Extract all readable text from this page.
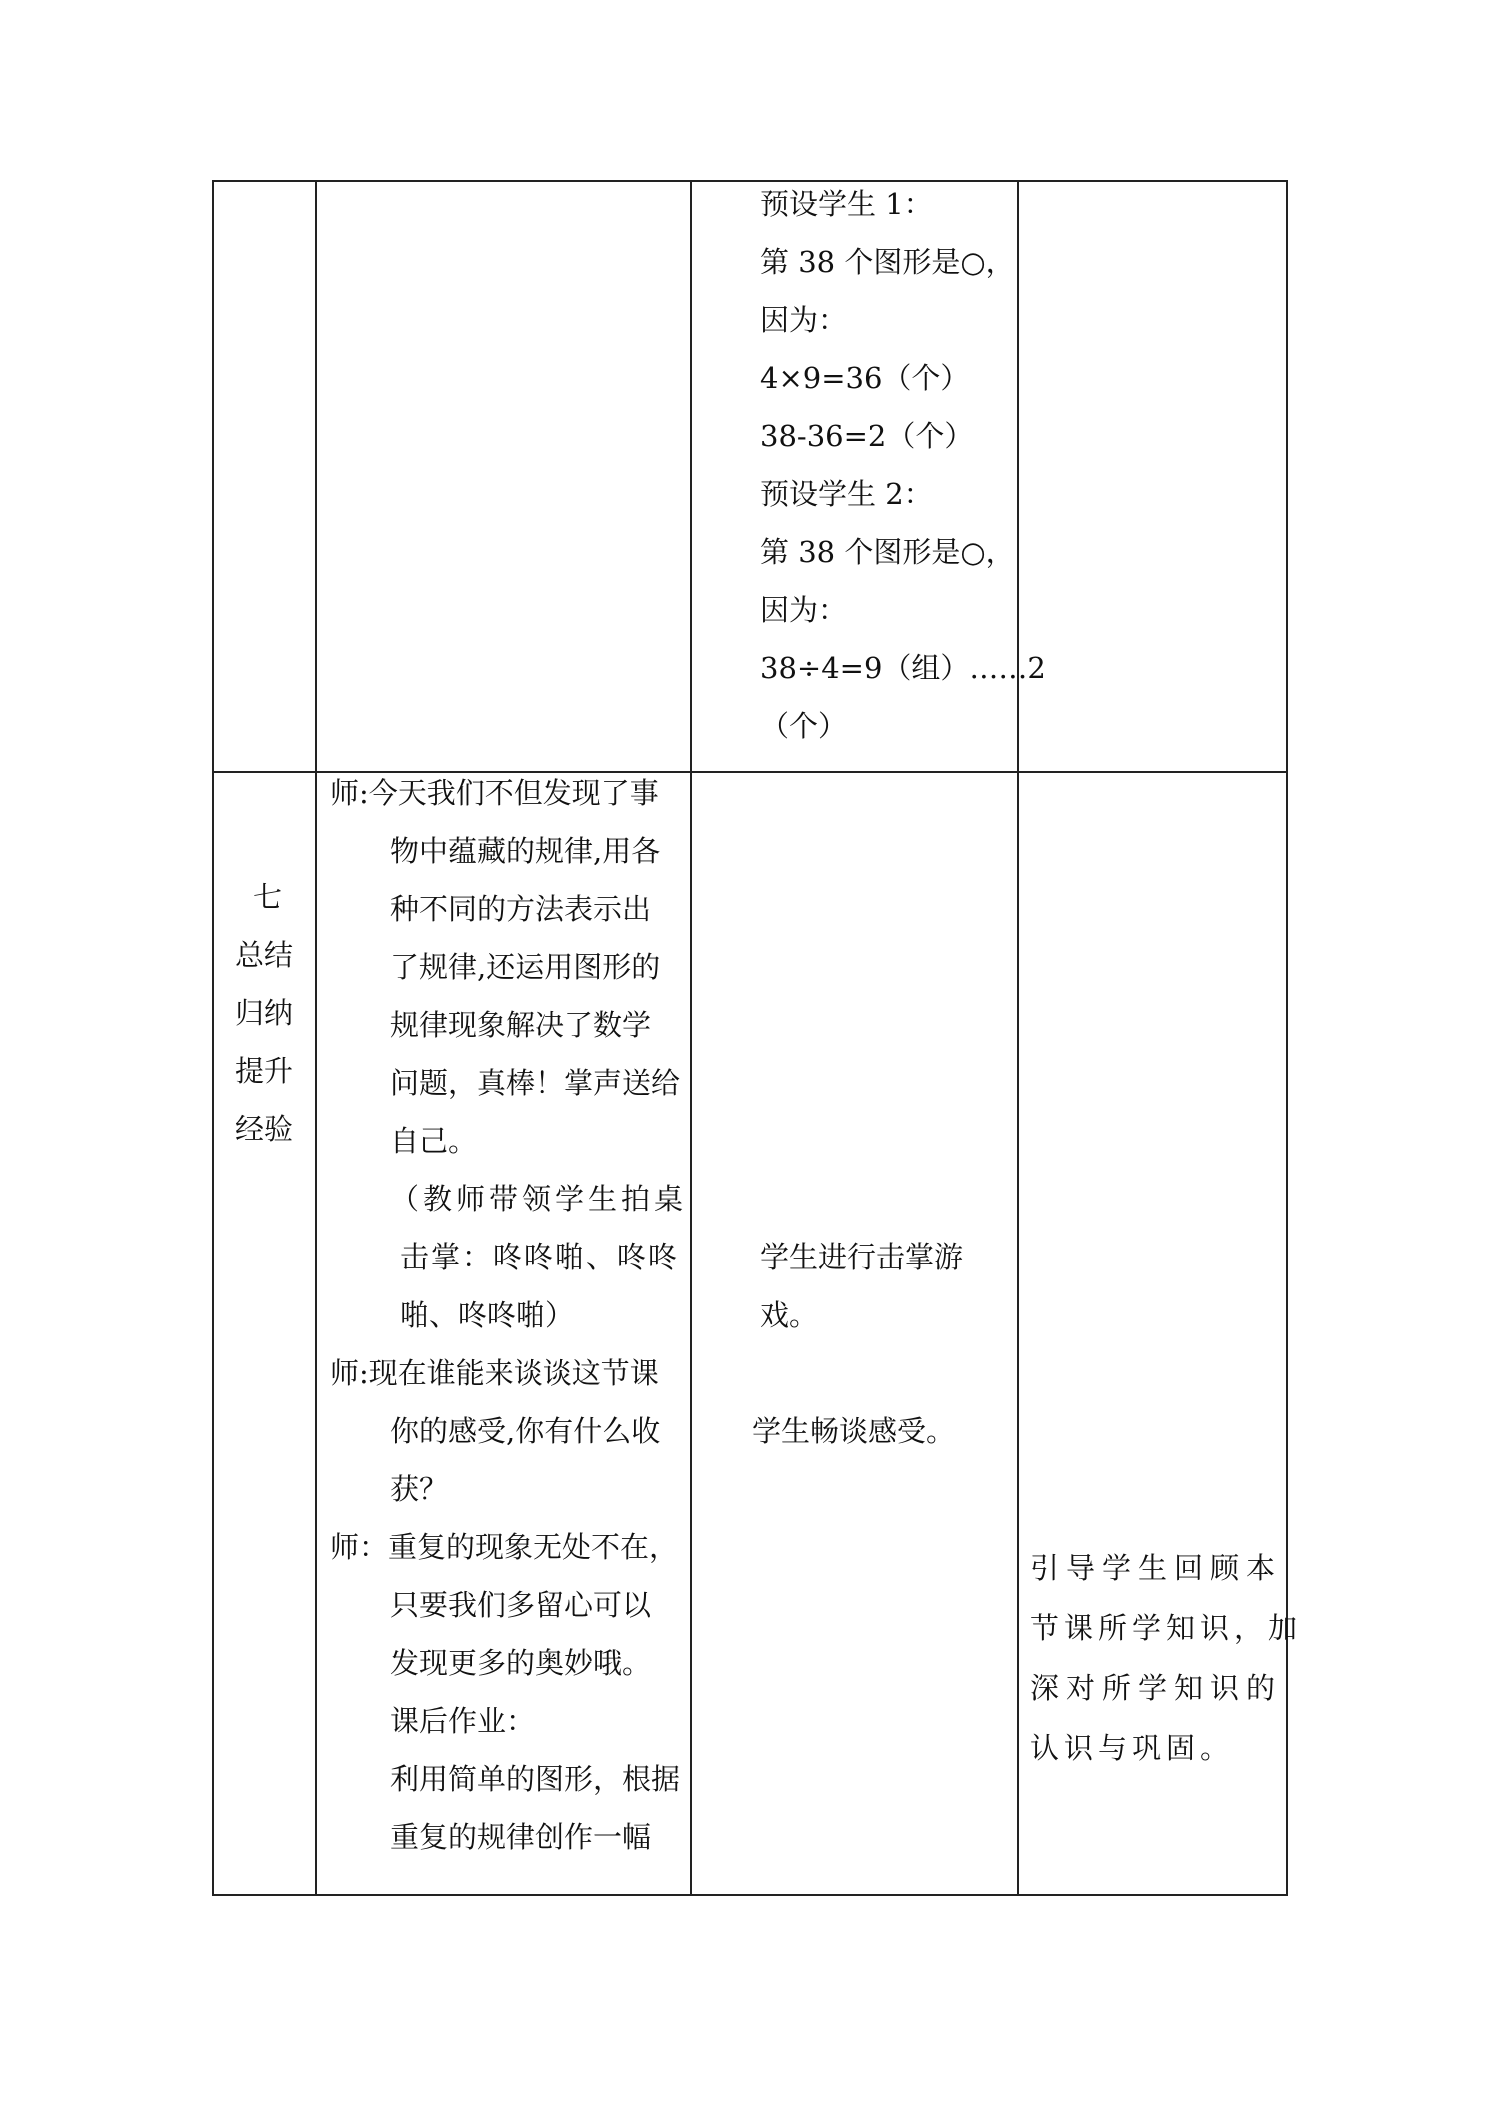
预设学生 1：
第 38 个图形是○，
因为：
4×9=36（个）
38-36=2（个）
预设学生 2：
第 38 个图形是○，
因为：
38÷4=9（组）……2
（个）
七
总结
归纳
提升
经验
师:今天我们不但发现了事
物中蕴藏的规律,用各
种不同的方法表示出
了规律,还运用图形的
规律现象解决了数学
问题，真棒！掌声送给
自己。
（教师带领学生拍桌
击掌：咚咚啪、咚咚
啪、咚咚啪）
师:现在谁能来谈谈这节课
你的感受,你有什么收
获？
师：重复的现象无处不在，
只要我们多留心可以
发现更多的奥妙哦。
课后作业：
利用简单的图形，根据
重复的规律创作一幅
学生进行击掌游
戏。
学生畅谈感受。
引导学生回顾本
节课所学知识，加
深对所学知识的
认识与巩固。
